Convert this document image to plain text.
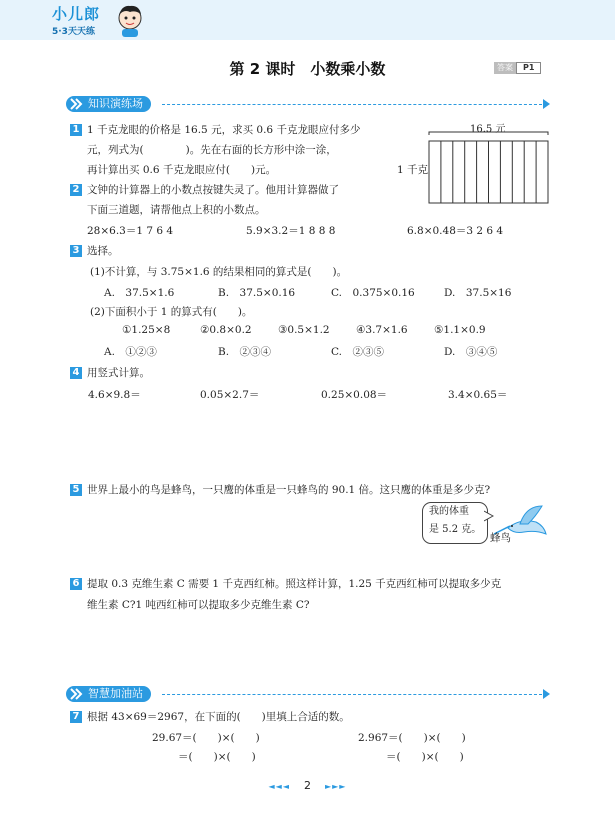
小儿郎
5·3天天练
第 2 课时　小数乘小数	答案	P1
知识演练场
1 1 千克龙眼的价格是 16.5 元，求买 0.6 千克龙眼应付多少
元，列式为(　　　　)。先在右面的长方形中涂一涂，
再计算出买 0.6 千克龙眼应付(　　)元。
16.5 元
1 千克
2 文钟的计算器上的小数点按键失灵了。他用计算器做了
下面三道题，请帮他点上积的小数点。
28×6.3＝1 7 6 4	5.9×3.2＝1 8 8 8	6.8×0.48＝3 2 6 4
3 选择。
(1)不计算，与 3.75×1.6 的结果相同的算式是(　　)。
A.　37.5×1.6	B.　37.5×0.16	C.　0.375×0.16	D.　37.5×16
(2)下面积小于 1 的算式有(　　)。
①1.25×8	②0.8×0.2	③0.5×1.2	④3.7×1.6	⑤1.1×0.9
A.　①②③	B.　②③④	C.　②③⑤	D.　③④⑤
4 用竖式计算。
4.6×9.8＝	0.05×2.7＝	0.25×0.08＝	3.4×0.65＝
5 世界上最小的鸟是蜂鸟，一只鹰的体重是一只蜂鸟的 90.1 倍。这只鹰的体重是多少克?
我的体重
是 5.2 克。
蜂鸟
6 提取 0.3 克维生素 C 需要 1 千克西红柿。照这样计算，1.25 千克西红柿可以提取多少克
维生素 C?1 吨西红柿可以提取多少克维生素 C?
智慧加油站
7 根据 43×69＝2967，在下面的(　　)里填上合适的数。
29.67＝(　　)×(　　)
＝(　　)×(　　)
2.967＝(　　)×(　　)
＝(　　)×(　　)
◄◄◄ 2 ►►►
